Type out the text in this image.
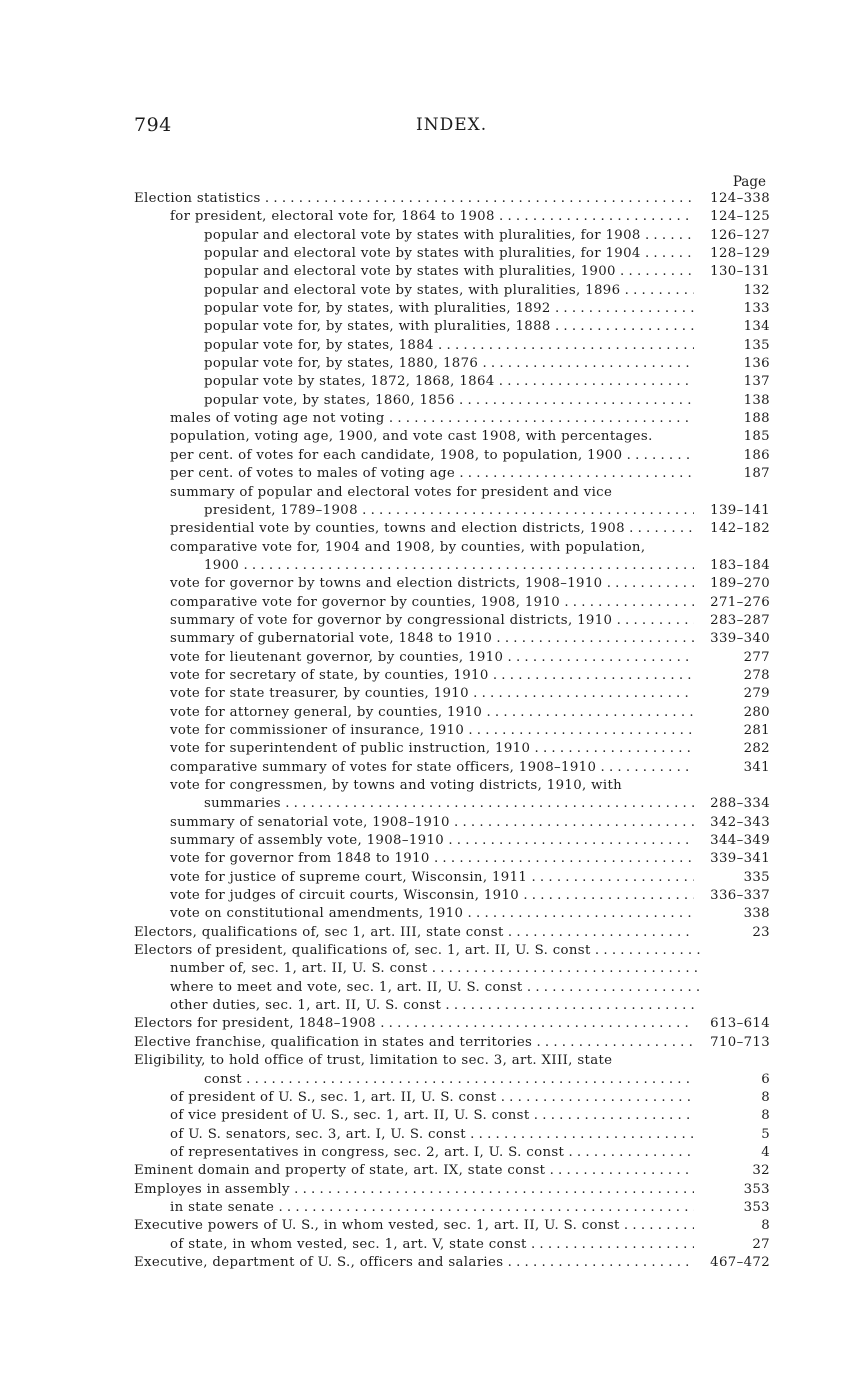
794	INDEX.
Page
Election statistics . . .	124–338
for president, electoral vote for, 1864 to 1908 . . .	124–125
popular and electoral vote by states with pluralities, for 1908 . . .	126–127
popular and electoral vote by states with pluralities, for 1904 . . .	128–129
popular and electoral vote by states with pluralities, 1900 . . .	130–131
popular and electoral vote by states, with pluralities, 1896 . . .	132
popular vote for, by states, with pluralities, 1892 . . .	133
popular vote for, by states, with pluralities, 1888 . . .	134
popular vote for, by states, 1884 . . .	135
popular vote for, by states, 1880, 1876 . . .	136
popular vote by states, 1872, 1868, 1864 . . .	137
popular vote, by states, 1860, 1856 . . .	138
males of voting age not voting . . .	188
population, voting age, 1900, and vote cast 1908, with percentages.	185
per cent. of votes for each candidate, 1908, to population, 1900 . . .	186
per cent. of votes to males of voting age . . .	187
summary of popular and electoral votes for president and vice
president, 1789–1908 . . .	139–141
presidential vote by counties, towns and election districts, 1908 . . .	142–182
comparative vote for, 1904 and 1908, by counties, with population,
1900 . . .	183–184
vote for governor by towns and election districts, 1908–1910 . . .	189–270
comparative vote for governor by counties, 1908, 1910 . . .	271–276
summary of vote for governor by congressional districts, 1910 . . .	283–287
summary of gubernatorial vote, 1848 to 1910 . . .	339–340
vote for lieutenant governor, by counties, 1910 . . .	277
vote for secretary of state, by counties, 1910 . . .	278
vote for state treasurer, by counties, 1910 . . .	279
vote for attorney general, by counties, 1910 . . .	280
vote for commissioner of insurance, 1910 . . .	281
vote for superintendent of public instruction, 1910 . . .	282
comparative summary of votes for state officers, 1908–1910 . . .	341
vote for congressmen, by towns and voting districts, 1910, with
summaries . . .	288–334
summary of senatorial vote, 1908–1910 . . .	342–343
summary of assembly vote, 1908–1910 . . .	344–349
vote for governor from 1848 to 1910 . . .	339–341
vote for justice of supreme court, Wisconsin, 1911 . . .	335
vote for judges of circuit courts, Wisconsin, 1910 . . .	336–337
vote on constitutional amendments, 1910 . . .	338
Electors, qualifications of, sec 1, art. III, state const . . .	23
Electors of president, qualifications of, sec. 1, art. II, U. S. const . . .
number of, sec. 1, art. II, U. S. const . . .
where to meet and vote, sec. 1, art. II, U. S. const . . .
other duties, sec. 1, art. II, U. S. const . . .
Electors for president, 1848–1908 . . .	613–614
Elective franchise, qualification in states and territories . . .	710–713
Eligibility, to hold office of trust, limitation to sec. 3, art. XIII, state
const . . .	6
of president of U. S., sec. 1, art. II, U. S. const . . .	8
of vice president of U. S., sec. 1, art. II, U. S. const . . .	8
of U. S. senators, sec. 3, art. I, U. S. const . . .	5
of representatives in congress, sec. 2, art. I, U. S. const . . .	4
Eminent domain and property of state, art. IX, state const . . .	32
Employes in assembly . . .	353
in state senate . . .	353
Executive powers of U. S., in whom vested, sec. 1, art. II, U. S. const . . .	8
of state, in whom vested, sec. 1, art. V, state const . . .	27
Executive, department of U. S., officers and salaries . . .	467–472
